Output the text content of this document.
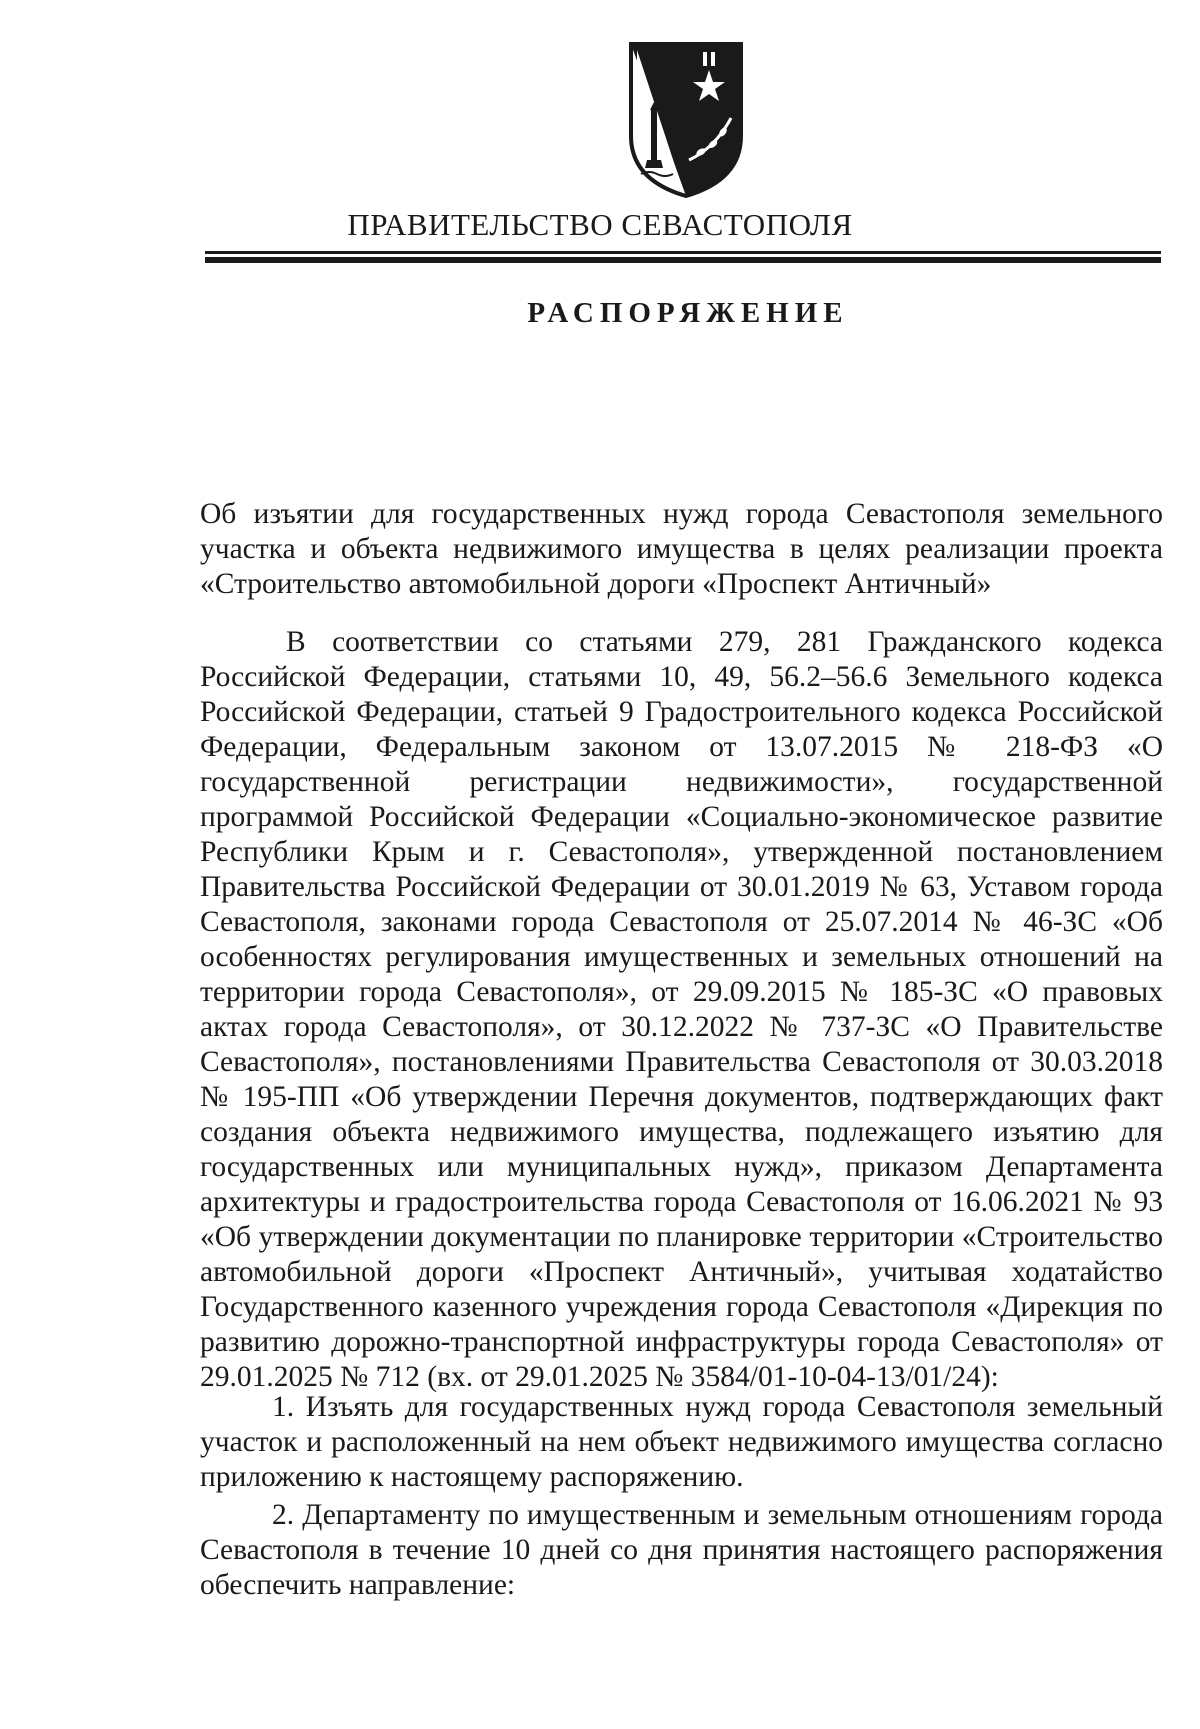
ПРАВИТЕЛЬСТВО СЕВАСТОПОЛЯ
РАСПОРЯЖЕНИЕ

Об изъятии для государственных нужд города Севастополя земельного участка и объекта недвижимого имущества в целях реализации проекта «Строительство автомобильной дороги «Проспект Античный»

В соответствии со статьями 279, 281 Гражданского кодекса Российской Федерации, статьями 10, 49, 56.2–56.6 Земельного кодекса Российской Федерации, статьей 9 Градостроительного кодекса Российской Федерации, Федеральным законом от 13.07.2015 № 218-ФЗ «О государственной регистрации недвижимости», государственной программой Российской Федерации «Социально-экономическое развитие Республики Крым и г. Севастополя», утвержденной постановлением Правительства Российской Федерации от 30.01.2019 № 63, Уставом города Севастополя, законами города Севастополя от 25.07.2014 № 46-ЗС «Об особенностях регулирования имущественных и земельных отношений на территории города Севастополя», от 29.09.2015 № 185-ЗС «О правовых актах города Севастополя», от 30.12.2022 № 737-ЗС «О Правительстве Севастополя», постановлениями Правительства Севастополя от 30.03.2018 № 195-ПП «Об утверждении Перечня документов, подтверждающих факт создания объекта недвижимого имущества, подлежащего изъятию для государственных или муниципальных нужд», приказом Департамента архитектуры и градостроительства города Севастополя от 16.06.2021 № 93 «Об утверждении документации по планировке территории «Строительство автомобильной дороги «Проспект Античный», учитывая ходатайство Государственного казенного учреждения города Севастополя «Дирекция по развитию дорожно-транспортной инфраструктуры города Севастополя» от 29.01.2025 № 712 (вх. от 29.01.2025 № 3584/01-10-04-13/01/24):

1. Изъять для государственных нужд города Севастополя земельный участок и расположенный на нем объект недвижимого имущества согласно приложению к настоящему распоряжению.

2. Департаменту по имущественным и земельным отношениям города Севастополя в течение 10 дней со дня принятия настоящего распоряжения обеспечить направление:
